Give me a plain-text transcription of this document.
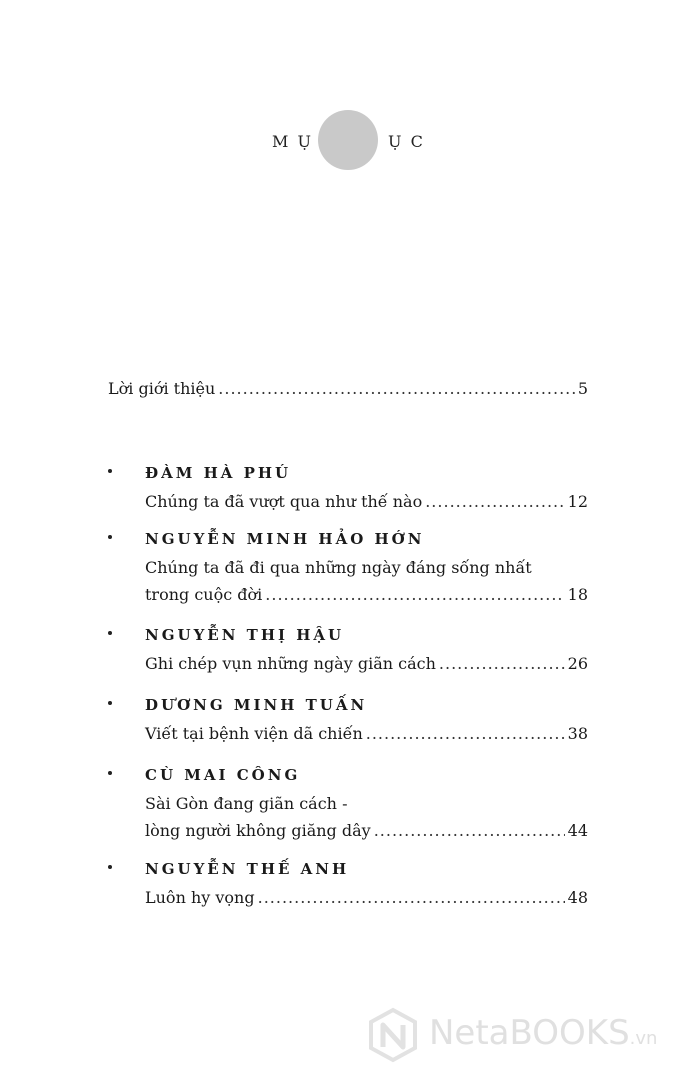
M Ụ	Ụ C
Lời giới thiệu .....	5
ĐÀM HÀ PHÚ
Chúng ta đã vượt qua như thế nào .....	12
NGUYỄN MINH HẢO HỚN
Chúng ta đã đi qua những ngày đáng sống nhất
trong cuộc đời .....	18
NGUYỄN THỊ HẬU
Ghi chép vụn những ngày giãn cách .....	26
DƯƠNG MINH TUẤN
Viết tại bệnh viện dã chiến .....	38
CÙ MAI CÔNG
Sài Gòn đang giãn cách -
lòng người không giăng dây .....	44
NGUYỄN THẾ ANH
Luôn hy vọng .....	48
NetaBOOKS.vn
